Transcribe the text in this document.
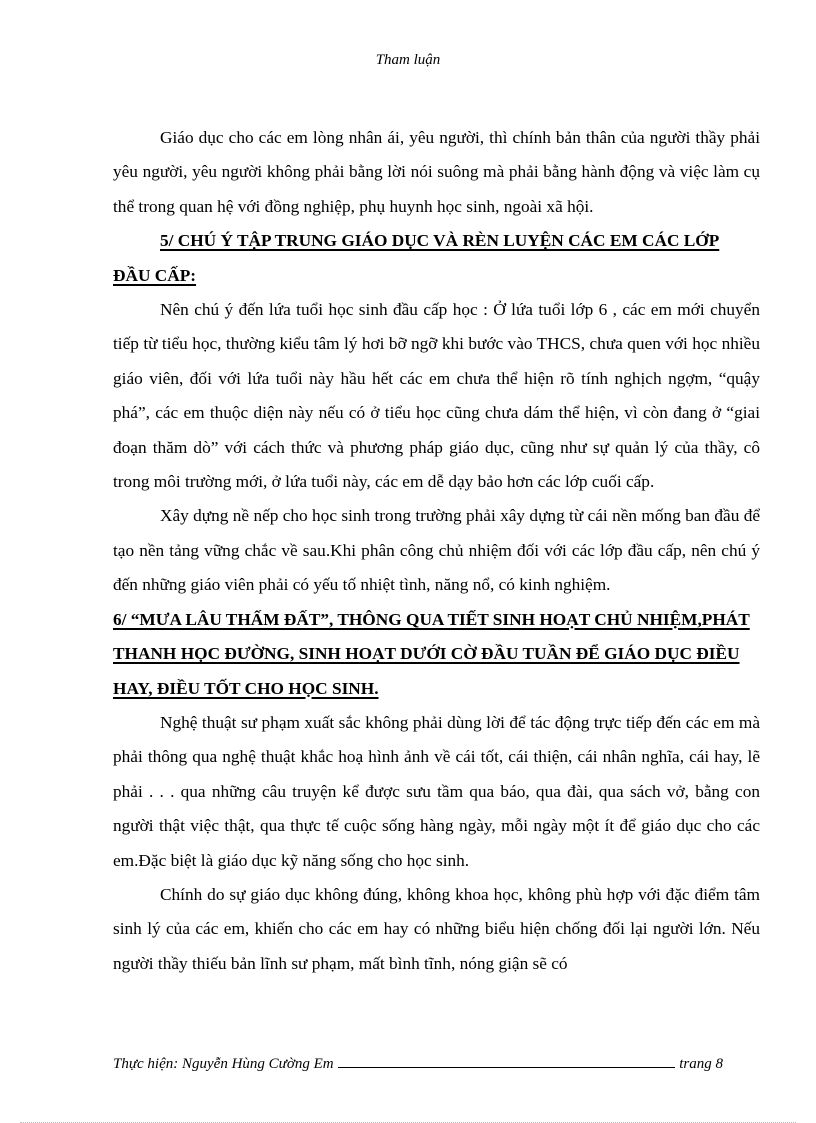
Tham luận

Giáo dục cho các em lòng nhân ái, yêu người, thì chính bản thân của người thầy phải yêu người, yêu người không phải bằng lời nói suông mà phải bằng hành động và việc làm cụ thể trong quan hệ với đồng nghiệp, phụ huynh học sinh, ngoài xã hội.

5/ CHÚ Ý TẬP TRUNG GIÁO DỤC VÀ RÈN LUYỆN CÁC EM CÁC LỚP ĐẦU CẤP:

Nên chú ý đến lứa tuổi học sinh đầu cấp học : Ở lứa tuổi lớp 6 , các em mới chuyển tiếp từ tiểu học, thường kiểu tâm lý hơi bỡ ngỡ khi bước vào THCS, chưa quen với học nhiều giáo viên, đối với lứa tuổi này hầu hết các em chưa thể hiện rõ tính nghịch ngợm, “quậy phá”, các em thuộc diện này nếu có ở tiểu học cũng chưa dám thể hiện, vì còn đang ở “giai đoạn thăm dò” với cách thức và phương pháp giáo dục, cũng như sự quản lý của thầy, cô trong môi trường mới, ở lứa tuổi này, các em dễ dạy bảo hơn các lớp cuối cấp.

Xây dựng nề nếp cho học sinh trong trường phải xây dựng từ cái nền mống ban đầu để tạo nền tảng vững chắc về sau.Khi phân công chủ nhiệm đối với các lớp đầu cấp, nên chú ý đến những giáo viên phải có yếu tố nhiệt tình, năng nổ, có kinh nghiệm.

6/ “MƯA LÂU THẤM ĐẤT”, THÔNG QUA TIẾT SINH HOẠT CHỦ NHIỆM,PHÁT THANH HỌC ĐƯỜNG, SINH HOẠT DƯỚI CỜ ĐẦU TUẦN ĐỂ GIÁO DỤC ĐIỀU HAY, ĐIỀU TỐT CHO HỌC SINH.

Nghệ thuật sư phạm xuất sắc không phải dùng lời để tác động trực tiếp đến các em mà phải thông qua nghệ thuật khắc hoạ hình ảnh về cái tốt, cái thiện, cái nhân nghĩa, cái hay, lẽ phải . . . qua những câu truyện kể được sưu tầm qua báo, qua đài, qua sách vở, bằng con người thật việc thật, qua thực tế cuộc sống hàng ngày, mỗi ngày một ít để giáo dục cho các em.Đặc biệt là giáo dục kỹ năng sống cho học sinh.

Chính do sự giáo dục không đúng, không khoa học, không phù hợp với đặc điểm tâm sinh lý của các em, khiến cho các em hay có những biểu hiện chống đối lại người lớn. Nếu người thầy thiếu bản lĩnh sư phạm, mất bình tĩnh, nóng giận sẽ có

Thực hiện: Nguyễn Hùng Cường Em	trang 8
